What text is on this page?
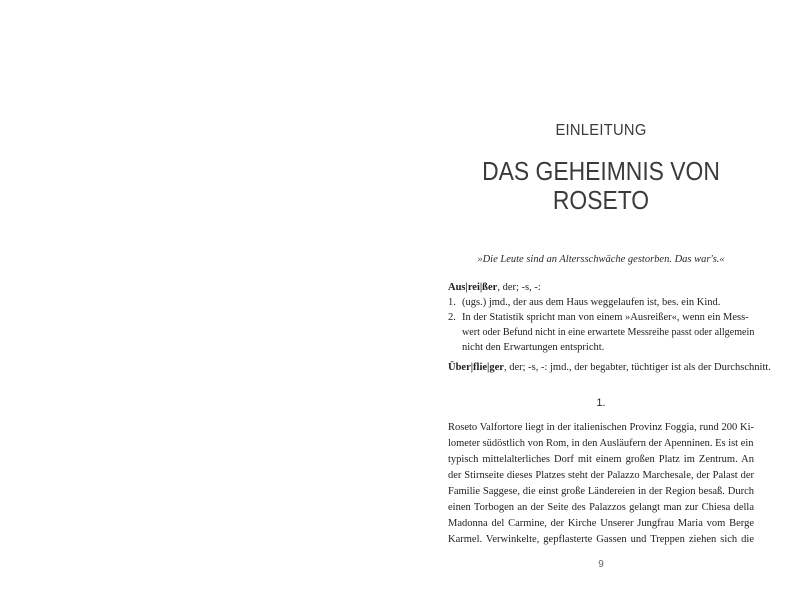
EINLEITUNG
DAS GEHEIMNIS VON
ROSETO
»Die Leute sind an Altersschwäche gestorben. Das war's.«
Aus|rei|ßer, der; -s, -:
1. (ugs.) jmd., der aus dem Haus weggelaufen ist, bes. ein Kind.
2. In der Statistik spricht man von einem »Ausreißer«, wenn ein Mess-
wert oder Befund nicht in eine erwartete Messreihe passt oder allgemein
nicht den Erwartungen entspricht.
Über|flie|ger, der; -s, -: jmd., der begabter, tüchtiger ist als der Durchschnitt.
1.
Roseto Valfortore liegt in der italienischen Provinz Foggia, rund 200 Ki-
lometer südöstlich von Rom, in den Ausläufern der Apenninen. Es ist ein
typisch mittelalterliches Dorf mit einem großen Platz im Zentrum. An
der Stirnseite dieses Platzes steht der Palazzo Marchesale, der Palast der
Familie Saggese, die einst große Ländereien in der Region besaß. Durch
einen Torbogen an der Seite des Palazzos gelangt man zur Chiesa della
Madonna del Carmine, der Kirche Unserer Jungfrau Maria vom Berge
Karmel. Verwinkelte, gepflasterte Gassen und Treppen ziehen sich die
9
